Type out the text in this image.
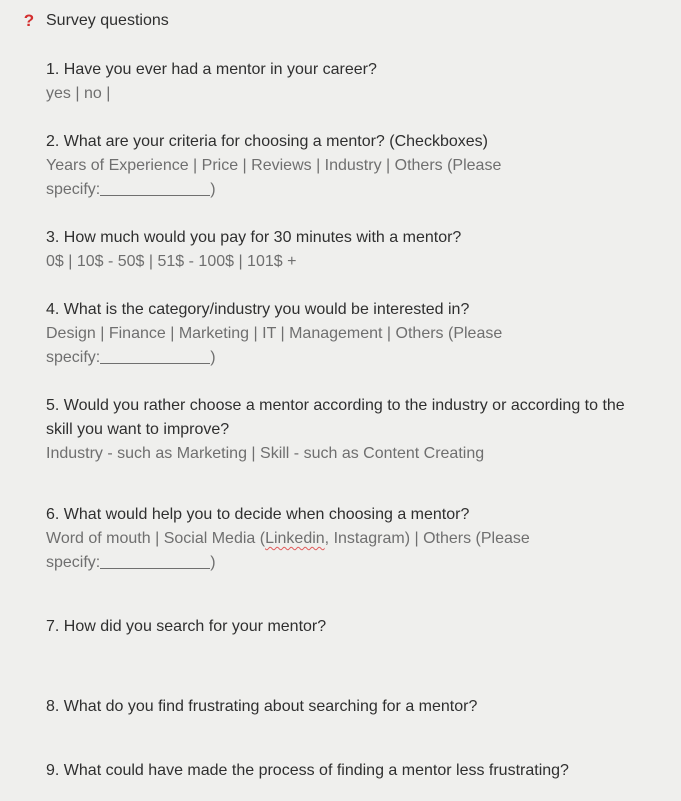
? Survey questions
1. Have you ever had a mentor in your career?
yes | no |
2. What are your criteria for choosing a mentor? (Checkboxes)
Years of Experience | Price | Reviews | Industry | Others (Please
specify:	)
3. How much would you pay for 30 minutes with a mentor?
0$ | 10$ - 50$ | 51$ - 100$ | 101$ +
4. What is the category/industry you would be interested in?
Design | Finance | Marketing | IT | Management | Others (Please
specify:	)
5. Would you rather choose a mentor according to the industry or according to the
skill you want to improve?
Industry - such as Marketing | Skill - such as Content Creating
6. What would help you to decide when choosing a mentor?
Word of mouth | Social Media (Linkedin, Instagram) | Others (Please
specify:	)
7. How did you search for your mentor?
8. What do you find frustrating about searching for a mentor?
9. What could have made the process of finding a mentor less frustrating?
